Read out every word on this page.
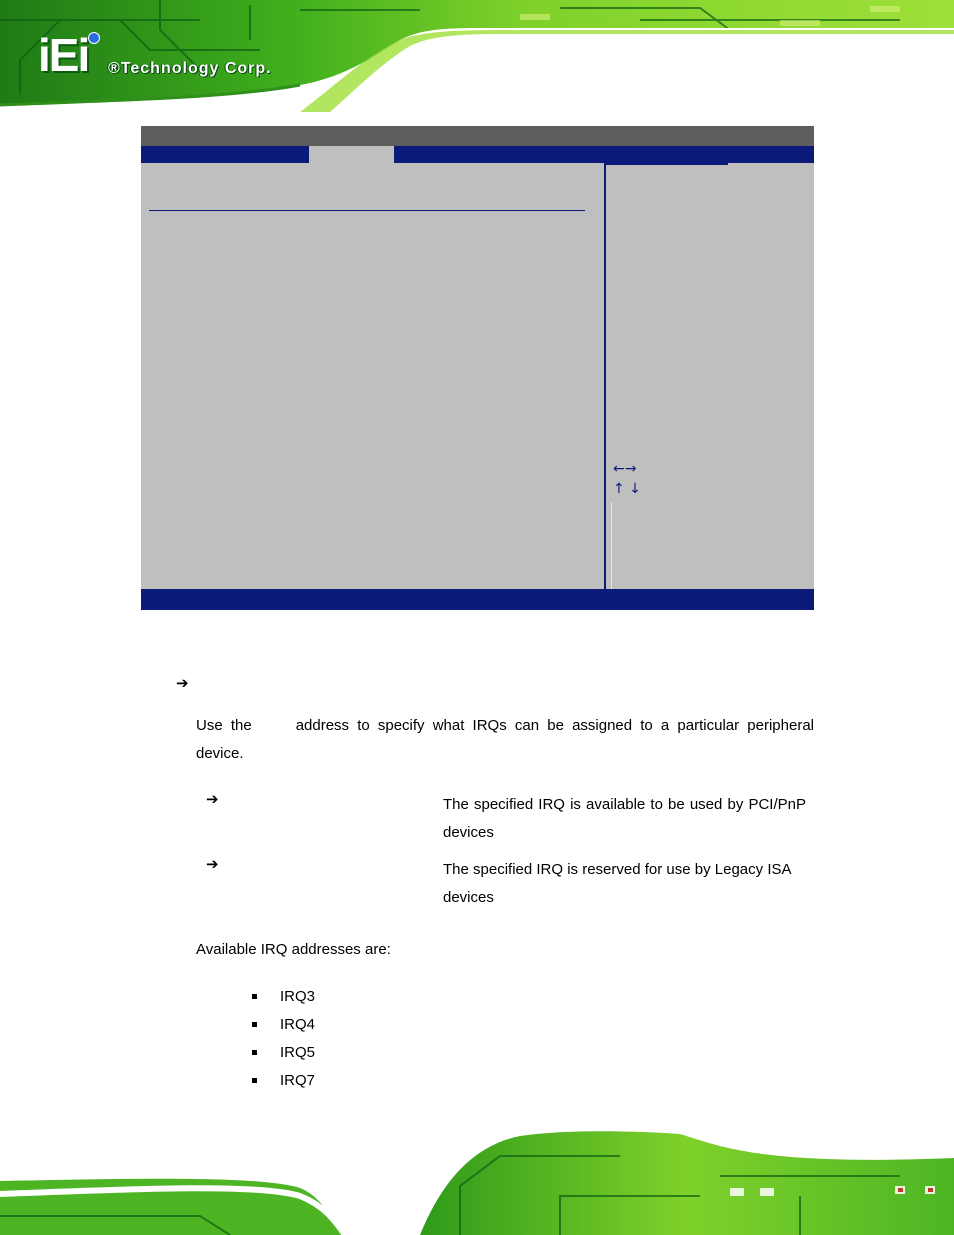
iEi ®Technology Corp.
←→
↑ ↓
➔
Use the	address to specify what IRQs can be assigned to a particular peripheral device.
➔	The specified IRQ is available to be used by PCI/PnP devices
➔	The specified IRQ is reserved for use by Legacy ISA devices
Available IRQ addresses are:
IRQ3
IRQ4
IRQ5
IRQ7
